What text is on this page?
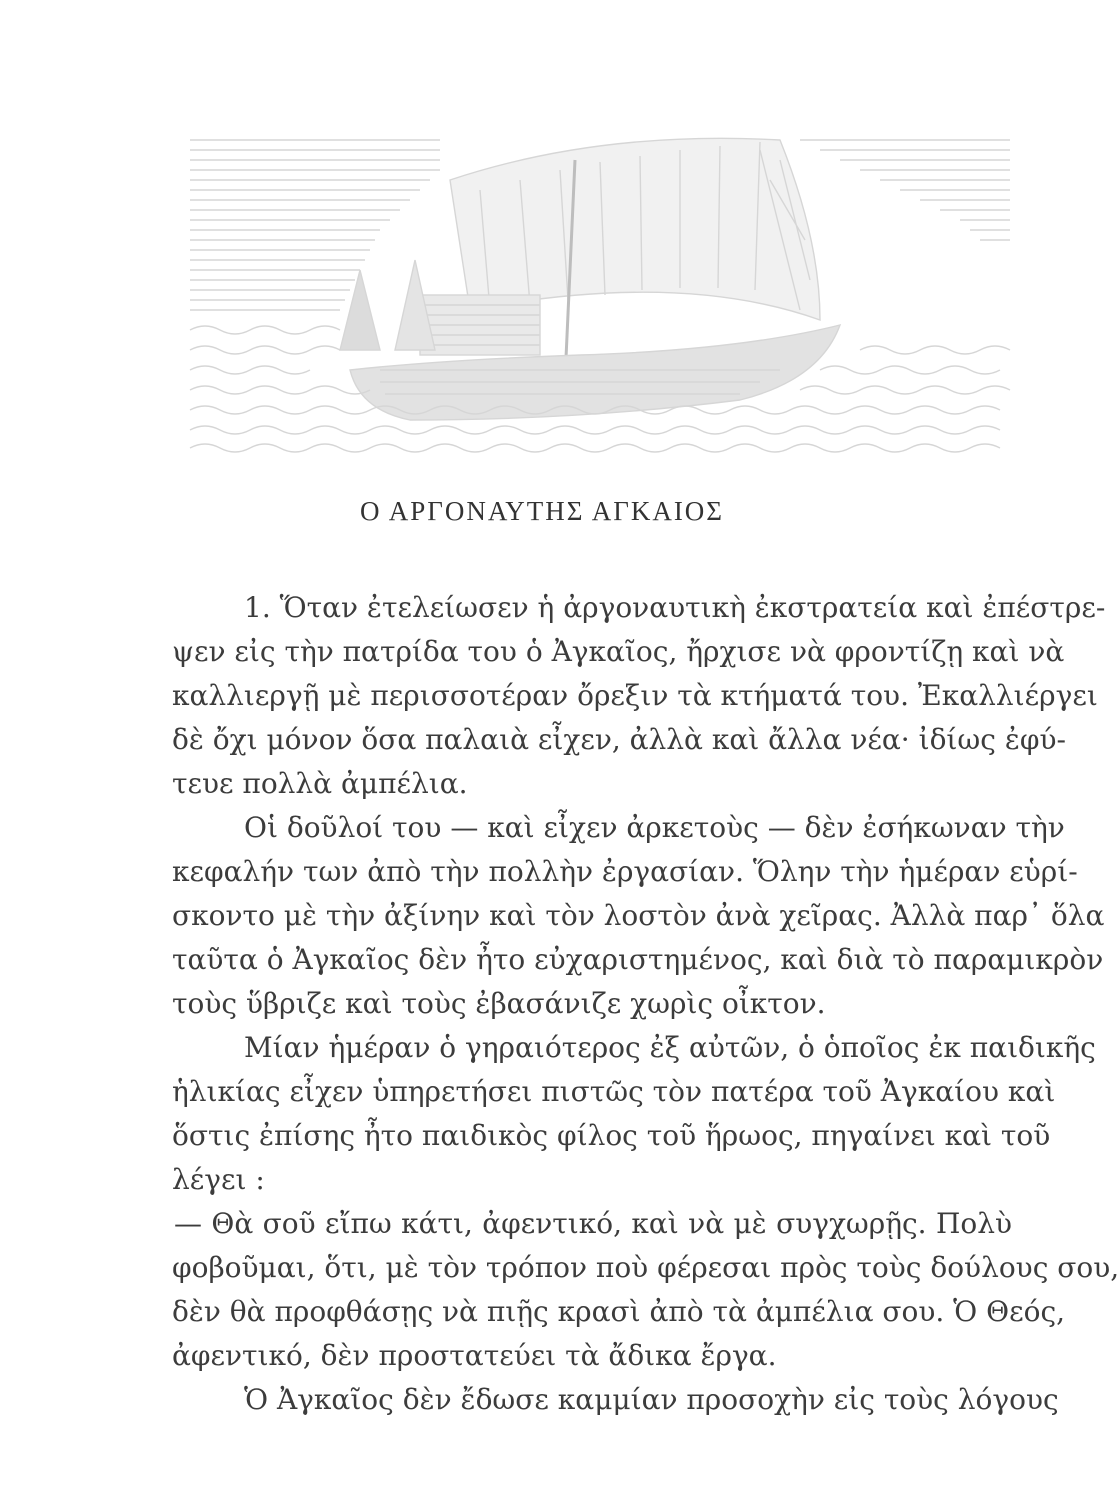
Ο ΑΡΓΟΝΑΥΤΗΣ ΑΓΚΑΙΟΣ
1. Ὅταν ἐτελείωσεν ἡ ἀργοναυτικὴ ἐκστρατεία καὶ ἐπέστρε-
ψεν εἰς τὴν πατρίδα του ὁ Ἀγκαῖος, ἤρχισε νὰ φροντίζῃ καὶ νὰ
καλλιεργῇ μὲ περισσοτέραν ὄρεξιν τὰ κτήματά του. Ἐκαλλιέργει
δὲ ὄχι μόνον ὅσα παλαιὰ εἶχεν, ἀλλὰ καὶ ἄλλα νέα· ἰδίως ἐφύ-
τευε πολλὰ ἀμπέλια.
Οἱ δοῦλοί του — καὶ εἶχεν ἀρκετοὺς — δὲν ἐσήκωναν τὴν
κεφαλήν των ἀπὸ τὴν πολλὴν ἐργασίαν. Ὅλην τὴν ἡμέραν εὑρί-
σκοντο μὲ τὴν ἀξίνην καὶ τὸν λοστὸν ἀνὰ χεῖρας. Ἀλλὰ παρ᾽ ὅλα
ταῦτα ὁ Ἀγκαῖος δὲν ἦτο εὐχαριστημένος, καὶ διὰ τὸ παραμικρὸν
τοὺς ὕβριζε καὶ τοὺς ἐβασάνιζε χωρὶς οἶκτον.
Μίαν ἡμέραν ὁ γηραιότερος ἐξ αὐτῶν, ὁ ὁποῖος ἐκ παιδικῆς
ἡλικίας εἶχεν ὑπηρετήσει πιστῶς τὸν πατέρα τοῦ Ἀγκαίου καὶ
ὅστις ἐπίσης ἦτο παιδικὸς φίλος τοῦ ἥρωος, πηγαίνει καὶ τοῦ
λέγει :
— Θὰ σοῦ εἴπω κάτι, ἀφεντικό, καὶ νὰ μὲ συγχωρῇς. Πολὺ
φοβοῦμαι, ὅτι, μὲ τὸν τρόπον ποὺ φέρεσαι πρὸς τοὺς δούλους σου,
δὲν θὰ προφθάσῃς νὰ πιῇς κρασὶ ἀπὸ τὰ ἀμπέλια σου. Ὁ Θεός,
ἀφεντικό, δὲν προστατεύει τὰ ἄδικα ἔργα.
Ὁ Ἀγκαῖος δὲν ἔδωσε καμμίαν προσοχὴν εἰς τοὺς λόγους
